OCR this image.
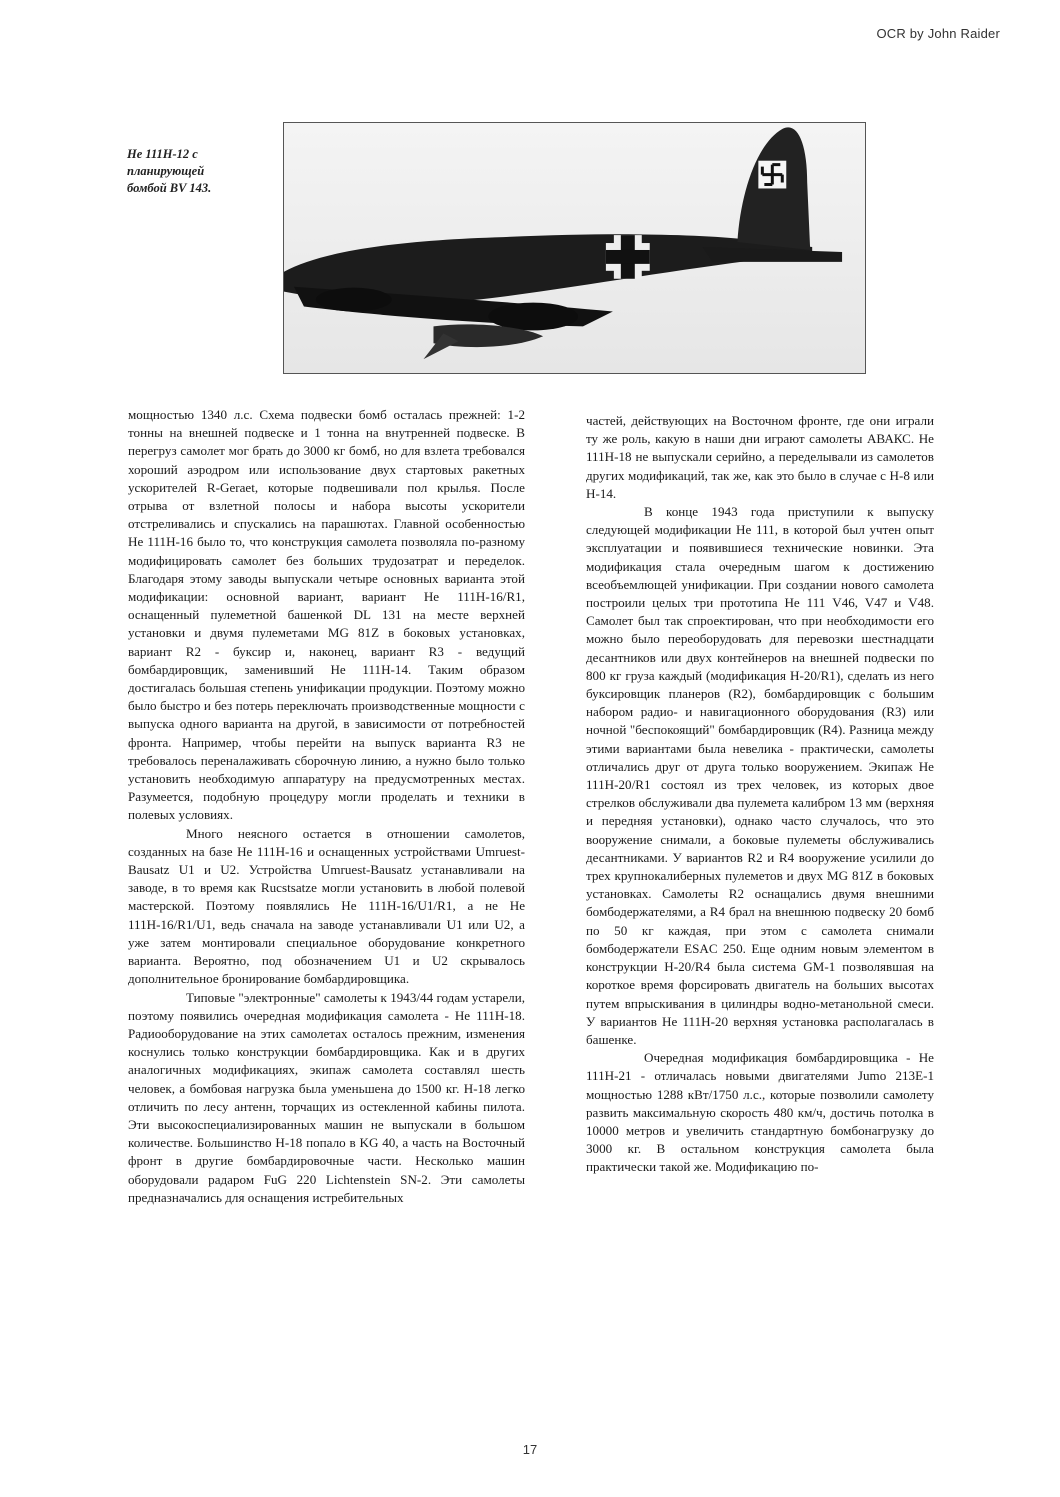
OCR by John Raider
Не 111Н-12 с
планирующей
бомбой BV 143.

мощностью 1340 л.с. Схема подвески бомб осталась прежней: 1-2 тонны на внешней подвеске и 1 тонна на внутренней подвеске. В перегруз самолет мог брать до 3000 кг бомб, но для взлета требовался хороший аэродром или использование двух стартовых ракетных ускорителей R-Geraet, которые подвешивали пол крылья. После отрыва от взлетной полосы и набора высоты ускорители отстреливались и спускались на парашютах. Главной особенностью Не 111Н-16 было то, что конструкция самолета позволяла по-разному модифицировать самолет без больших трудозатрат и переделок. Благодаря этому заводы выпускали четыре основных варианта этой модификации: основной вариант, вариант Не 111Н-16/R1, оснащенный пулеметной башенкой DL 131 на месте верхней установки и двумя пулеметами MG 81Z в боковых установках, вариант R2 - буксир и, наконец, вариант R3 - ведущий бомбардировщик, заменивший Не 111Н-14. Таким образом достигалась большая степень унификации продукции. Поэтому можно было быстро и без потерь переключать производственные мощности с выпуска одного варианта на другой, в зависимости от потребностей фронта. Например, чтобы перейти на выпуск варианта R3 не требовалось переналаживать сборочную линию, а нужно было только установить необходимую аппаратуру на предусмотренных местах. Разумеется, подобную процедуру могли проделать и техники в полевых условиях.

Много неясного остается в отношении самолетов, созданных на базе Не 111Н-16 и оснащенных устройствами Umruest-Bausatz U1 и U2. Устройства Umruest-Bausatz устанавливали на заводе, в то время как Rucstsatze могли установить в любой полевой мастерской. Поэтому появлялись Не 111Н-16/U1/R1, а не Не 111Н-16/R1/U1, ведь сначала на заводе устанавливали U1 или U2, а уже затем монтировали специальное оборудование конкретного варианта. Вероятно, под обозначением U1 и U2 скрывалось дополнительное бронирование бомбардировщика.

Типовые "электронные" самолеты к 1943/44 годам устарели, поэтому появились очередная модификация самолета - Не 111Н-18. Радиооборудование на этих самолетах осталось прежним, изменения коснулись только конструкции бомбардировщика. Как и в других аналогичных модификациях, экипаж самолета составлял шесть человек, а бомбовая нагрузка была уменьшена до 1500 кг. Н-18 легко отличить по лесу антенн, торчащих из остекленной кабины пилота. Эти высокоспециализированных машин не выпускали в большом количестве. Большинство Н-18 попало в KG 40, а часть на Восточный фронт в другие бомбардировочные части. Несколько машин оборудовали радаром FuG 220 Lichtenstein SN-2. Эти самолеты предназначались для оснащения истребительных

частей, действующих на Восточном фронте, где они играли ту же роль, какую в наши дни играют самолеты АВАКС. Не 111Н-18 не выпускали серийно, а переделывали из самолетов других модификаций, так же, как это было в случае с Н-8 или Н-14.

В конце 1943 года приступили к выпуску следующей модификации Не 111, в которой был учтен опыт эксплуатации и появившиеся технические новинки. Эта модификация стала очередным шагом к достижению всеобъемлющей унификации. При создании нового самолета построили целых три прототипа Не 111 V46, V47 и V48. Самолет был так спроектирован, что при необходимости его можно было переоборудовать для перевозки шестнадцати десантников или двух контейнеров на внешней подвески по 800 кг груза каждый (модификация Н-20/R1), сделать из него буксировщик планеров (R2), бомбардировщик с большим набором радио- и навигационного оборудования (R3) или ночной "беспокоящий" бомбардировщик (R4). Разница между этими вариантами была невелика - практически, самолеты отличались друг от друга только вооружением. Экипаж Не 111Н-20/R1 состоял из трех человек, из которых двое стрелков обслуживали два пулемета калибром 13 мм (верхняя и передняя установки), однако часто случалось, что это вооружение снимали, а боковые пулеметы обслуживались десантниками. У вариантов R2 и R4 вооружение усилили до трех крупнокалиберных пулеметов и двух MG 81Z в боковых установках. Самолеты R2 оснащались двумя внешними бомбодержателями, а R4 брал на внешнюю подвеску 20 бомб по 50 кг каждая, при этом с самолета снимали бомбодержатели ESAC 250. Еще одним новым элементом в конструкции Н-20/R4 была система GM-1 позволявшая на короткое время форсировать двигатель на больших высотах путем впрыскивания в цилиндры водно-метанольной смеси. У вариантов Не 111Н-20 верхняя установка располагалась в башенке.

Очередная модификация бомбардировщика - Не 111Н-21 - отличалась новыми двигателями Jumo 213E-1 мощностью 1288 кВт/1750 л.с., которые позволили самолету развить максимальную скорость 480 км/ч, достичь потолка в 10000 метров и увеличить стандартную бомбонагрузку до 3000 кг. В остальном конструкция самолета была практически такой же. Модификацию по-

17
